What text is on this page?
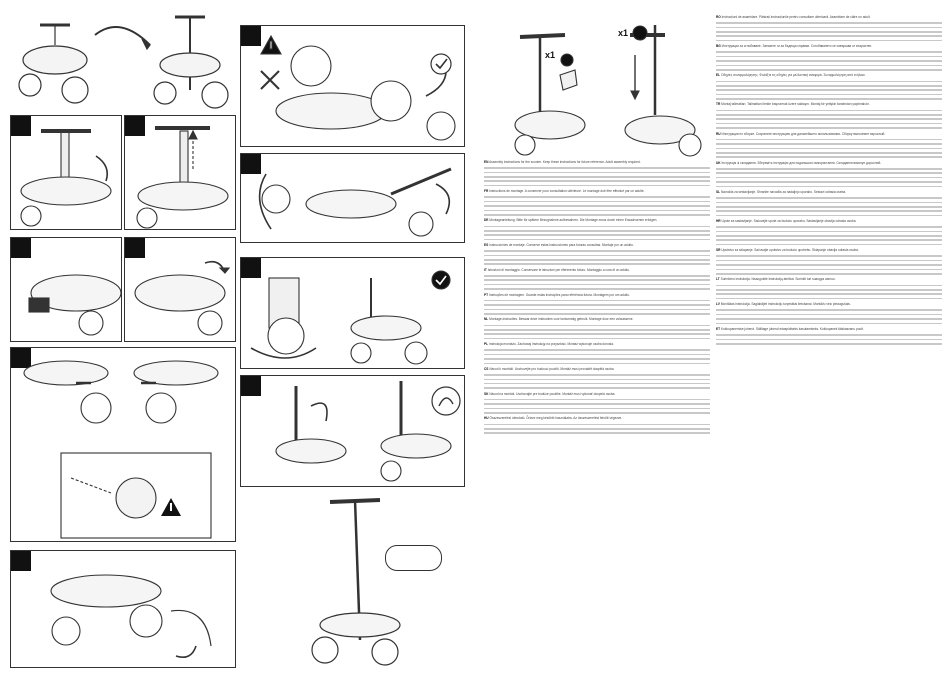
x1
x1

EN Assembly instructions for the scooter. Keep these instructions for future reference. Adult assembly required.

FR Instructions de montage. A conserver pour consultation ultérieure. Le montage doit être effectué par un adulte.

DE Montageanleitung. Bitte für spätere Bezugnahme aufbewahren. Die Montage muss durch einen Erwachsenen erfolgen.

ES Instrucciones de montaje. Conserve estas instrucciones para futuras consultas. Montaje por un adulto.

IT Istruzioni di montaggio. Conservare le istruzioni per riferimento futuro. Montaggio a cura di un adulto.

PT Instruções de montagem. Guarde estas instruções para referência futura. Montagem por um adulto.

NL Montage-instructies. Bewaar deze instructies voor toekomstig gebruik. Montage door een volwassene.

PL Instrukcja montażu. Zachowaj instrukcję na przyszłość. Montaż wykonuje osoba dorosła.

CS Návod k montáži. Uschovejte pro budoucí použití. Montáž musí provádět dospělá osoba.

SK Návod na montáž. Uschovajte pre budúce použitie. Montáž musí vykonať dospelá osoba.

HU Összeszerelési útmutató. Őrizze meg későbbi használatra. Az összeszerelést felnőtt végezze.

RO Instrucțiuni de asamblare. Păstrați instrucțiunile pentru consultare ulterioară. Asamblare de către un adult.

BG Инструкции за сглобяване. Запазете ги за бъдещи справки. Сглобяването се извършва от възрастен.

EL Οδηγίες συναρμολόγησης. Φυλάξτε τις οδηγίες για μελλοντική αναφορά. Συναρμολόγηση από ενήλικα.

TR Montaj talimatları. Talimatları ileride başvurmak üzere saklayın. Montaj bir yetişkin tarafından yapılmalıdır.

RU Инструкция по сборке. Сохраните инструкцию для дальнейшего использования. Сборку выполняет взрослый.

UK Інструкція зі складання. Збережіть інструкцію для подальшого використання. Складання виконує дорослий.

SL Navodila za sestavljanje. Shranite navodila za nadaljnjo uporabo. Sestavi odrasla oseba.

HR Upute za sastavljanje. Sačuvajte upute za buduću uporabu. Sastavljanje obavlja odrasla osoba.

SR Uputstvo za sklapanje. Sačuvajte uputstvo za buduću upotrebu. Sklapanje obavlja odrasla osoba.

LT Surinkimo instrukcija. Išsaugokite instrukciją ateičiai. Surinkti turi suaugęs asmuo.

LV Montāžas instrukcija. Saglabājiet instrukciju turpmākai lietošanai. Montāžu veic pieaugušais.

ET Kokkupanemise juhend. Säilitage juhend edaspidiseks kasutamiseks. Kokkupanek täiskasvanu poolt.
